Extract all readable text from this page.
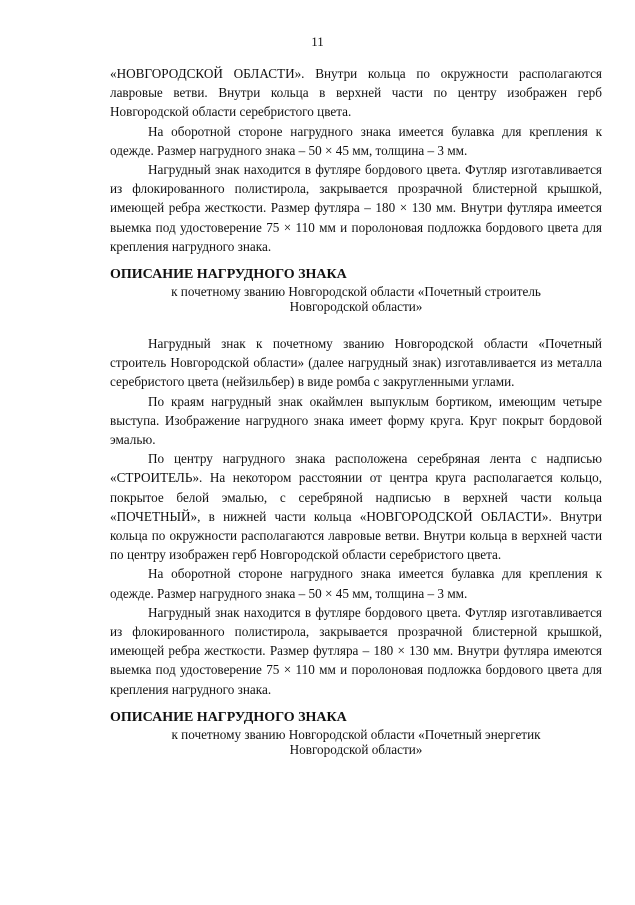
11

«НОВГОРОДСКОЙ ОБЛАСТИ». Внутри кольца по окружности располагаются лавровые ветви. Внутри кольца в верхней части по центру изображен герб Новгородской области серебристого цвета.

На оборотной стороне нагрудного знака имеется булавка для крепления к одежде. Размер нагрудного знака – 50 × 45 мм, толщина – 3 мм.

Нагрудный знак находится в футляре бордового цвета. Футляр изготавливается из флокированного полистирола, закрывается прозрачной блистерной крышкой, имеющей ребра жесткости. Размер футляра – 180 × 130 мм. Внутри футляра имеется выемка под удостоверение 75 × 110 мм и поролоновая подложка бордового цвета для крепления нагрудного знака.

ОПИСАНИЕ НАГРУДНОГО ЗНАКА

к почетному званию Новгородской области «Почетный строитель

Новгородской области»

Нагрудный знак к почетному званию Новгородской области «Почетный строитель Новгородской области» (далее нагрудный знак) изготавливается из металла серебристого цвета (нейзильбер) в виде ромба с закругленными углами.

По краям нагрудный знак окаймлен выпуклым бортиком, имеющим четыре выступа. Изображение нагрудного знака имеет форму круга. Круг покрыт бордовой эмалью.

По центру нагрудного знака расположена серебряная лента с надписью «СТРОИТЕЛЬ». На некотором расстоянии от центра круга располагается кольцо, покрытое белой эмалью, с серебряной надписью в верхней части кольца «ПОЧЕТНЫЙ», в нижней части кольца «НОВГОРОДСКОЙ ОБЛАСТИ». Внутри кольца по окружности располагаются лавровые ветви. Внутри кольца в верхней части по центру изображен герб Новгородской области серебристого цвета.

На оборотной стороне нагрудного знака имеется булавка для крепления к одежде. Размер нагрудного знака – 50 × 45 мм, толщина – 3 мм.

Нагрудный знак находится в футляре бордового цвета. Футляр изготавливается из флокированного полистирола, закрывается прозрачной блистерной крышкой, имеющей ребра жесткости. Размер футляра – 180 × 130 мм. Внутри футляра имеются выемка под удостоверение 75 × 110 мм и поролоновая подложка бордового цвета для крепления нагрудного знака.

ОПИСАНИЕ НАГРУДНОГО ЗНАКА

к почетному званию Новгородской области «Почетный энергетик

Новгородской области»
